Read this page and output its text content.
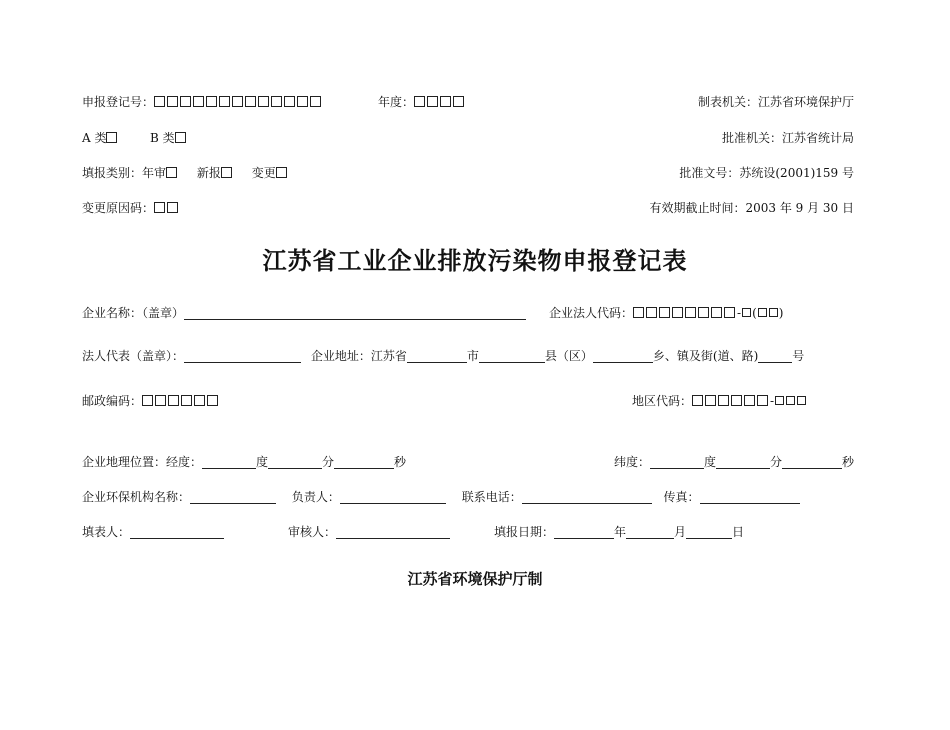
申报登记号：	年度：	制表机关：江苏省环境保护厅
A 类	B 类	批准机关：江苏省统计局
填报类别：年审	新报	变更	批准文号：苏统设(2001)159 号
变更原因码：	有效期截止时间：2003 年 9 月 30 日
江苏省工业企业排放污染物申报登记表
企业名称：（盖章）	企业法人代码：	- ( )
法人代表（盖章）：	企业地址：江苏省	市	县（区）	乡、镇及街(道、路)	号
邮政编码：	地区代码：	-
企业地理位置：经度：	度	分	秒	纬度：	度	分	秒
企业环保机构名称：	负责人：	联系电话：	传真：
填表人：	审核人：	填报日期：	年	月	日
江苏省环境保护厅制
